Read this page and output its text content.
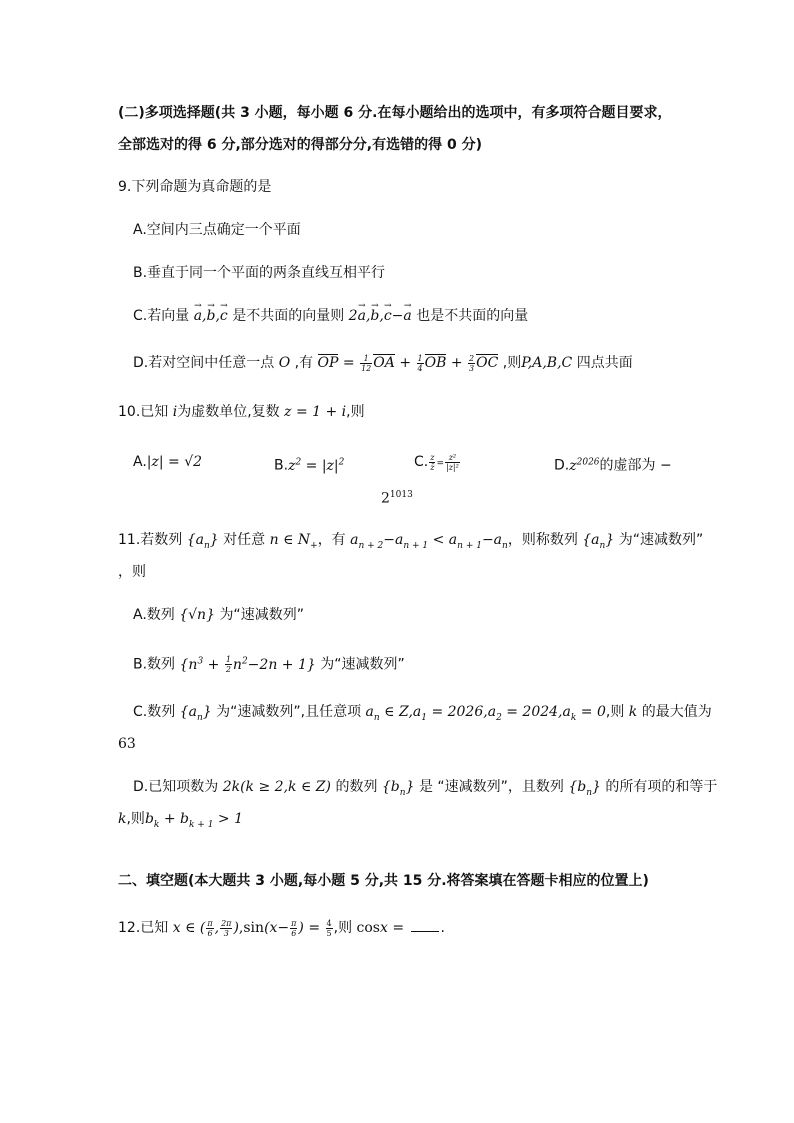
(二)多项选择题(共 3 小题，每小题 6 分.在每小题给出的选项中，有多项符合题目要求，
全部选对的得 6 分,部分选对的得部分分,有选错的得 0 分)
9.下列命题为真命题的是
A.空间内三点确定一个平面
B.垂直于同一个平面的两条直线互相平行
C.若向量 → a,→ b,→ c 是不共面的向量则 2→ a,→ b,→ c−→ a 也是不共面的向量
D.若对空间中任意一点 O ,有 OP = $\frac{1}{12}$ OA + $\frac{1}{4}$ OB + $\frac{2}{3}$ OC ,则P,A,B,C 四点共面
10.已知 i为虚数单位,复数 z = 1 + i,则
A.|z| = √2	$B.z^2 = |z|^2$	C. $\frac{z}{z̄} = \frac{\text{z²}}{\text{|z|²}}$	$D.z^{2026}$的虚部为 −
$2^{1013}$
11.若数列 $\{a_n\}$ 对任意 n ∈ $N_+$，有 $a_{n + 2}-a_{n + 1} < a_{n + 1}-a_n$，则称数列 $\{a_n\}$ 为“速减数列”
，则
A.数列 {√n} 为“速减数列”
B.数列 $\{n^3 + \frac{1}{2} n^2-2n + 1\}$ 为“速减数列”
C.数列 $\{a_n\}$ 为“速减数列”,且任意项 $a_n$ ∈ $Z,a_1 = 2026,a_2 = 2024,a_k = 0$,则 k 的最大值为
63
D.已知项数为 2k(k ≥ 2,k ∈ Z) 的数列 $\{b_n\}$ 是 “速减数列”，且数列 $\{b_n\}$ 的所有项的和等于
k,则$b_k + b_{k + 1} > 1$
二、填空题(本大题共 3 小题,每小题 5 分,共 15 分.将答案填在答题卡相应的位置上)
12.已知 x ∈ ( $\frac{\pi}{6}$ , $\frac{2\pi}{3} ),\sin(x- \frac{\pi}{6}$ ) = $\frac{4}{5}$ ,则 cosx =	.
